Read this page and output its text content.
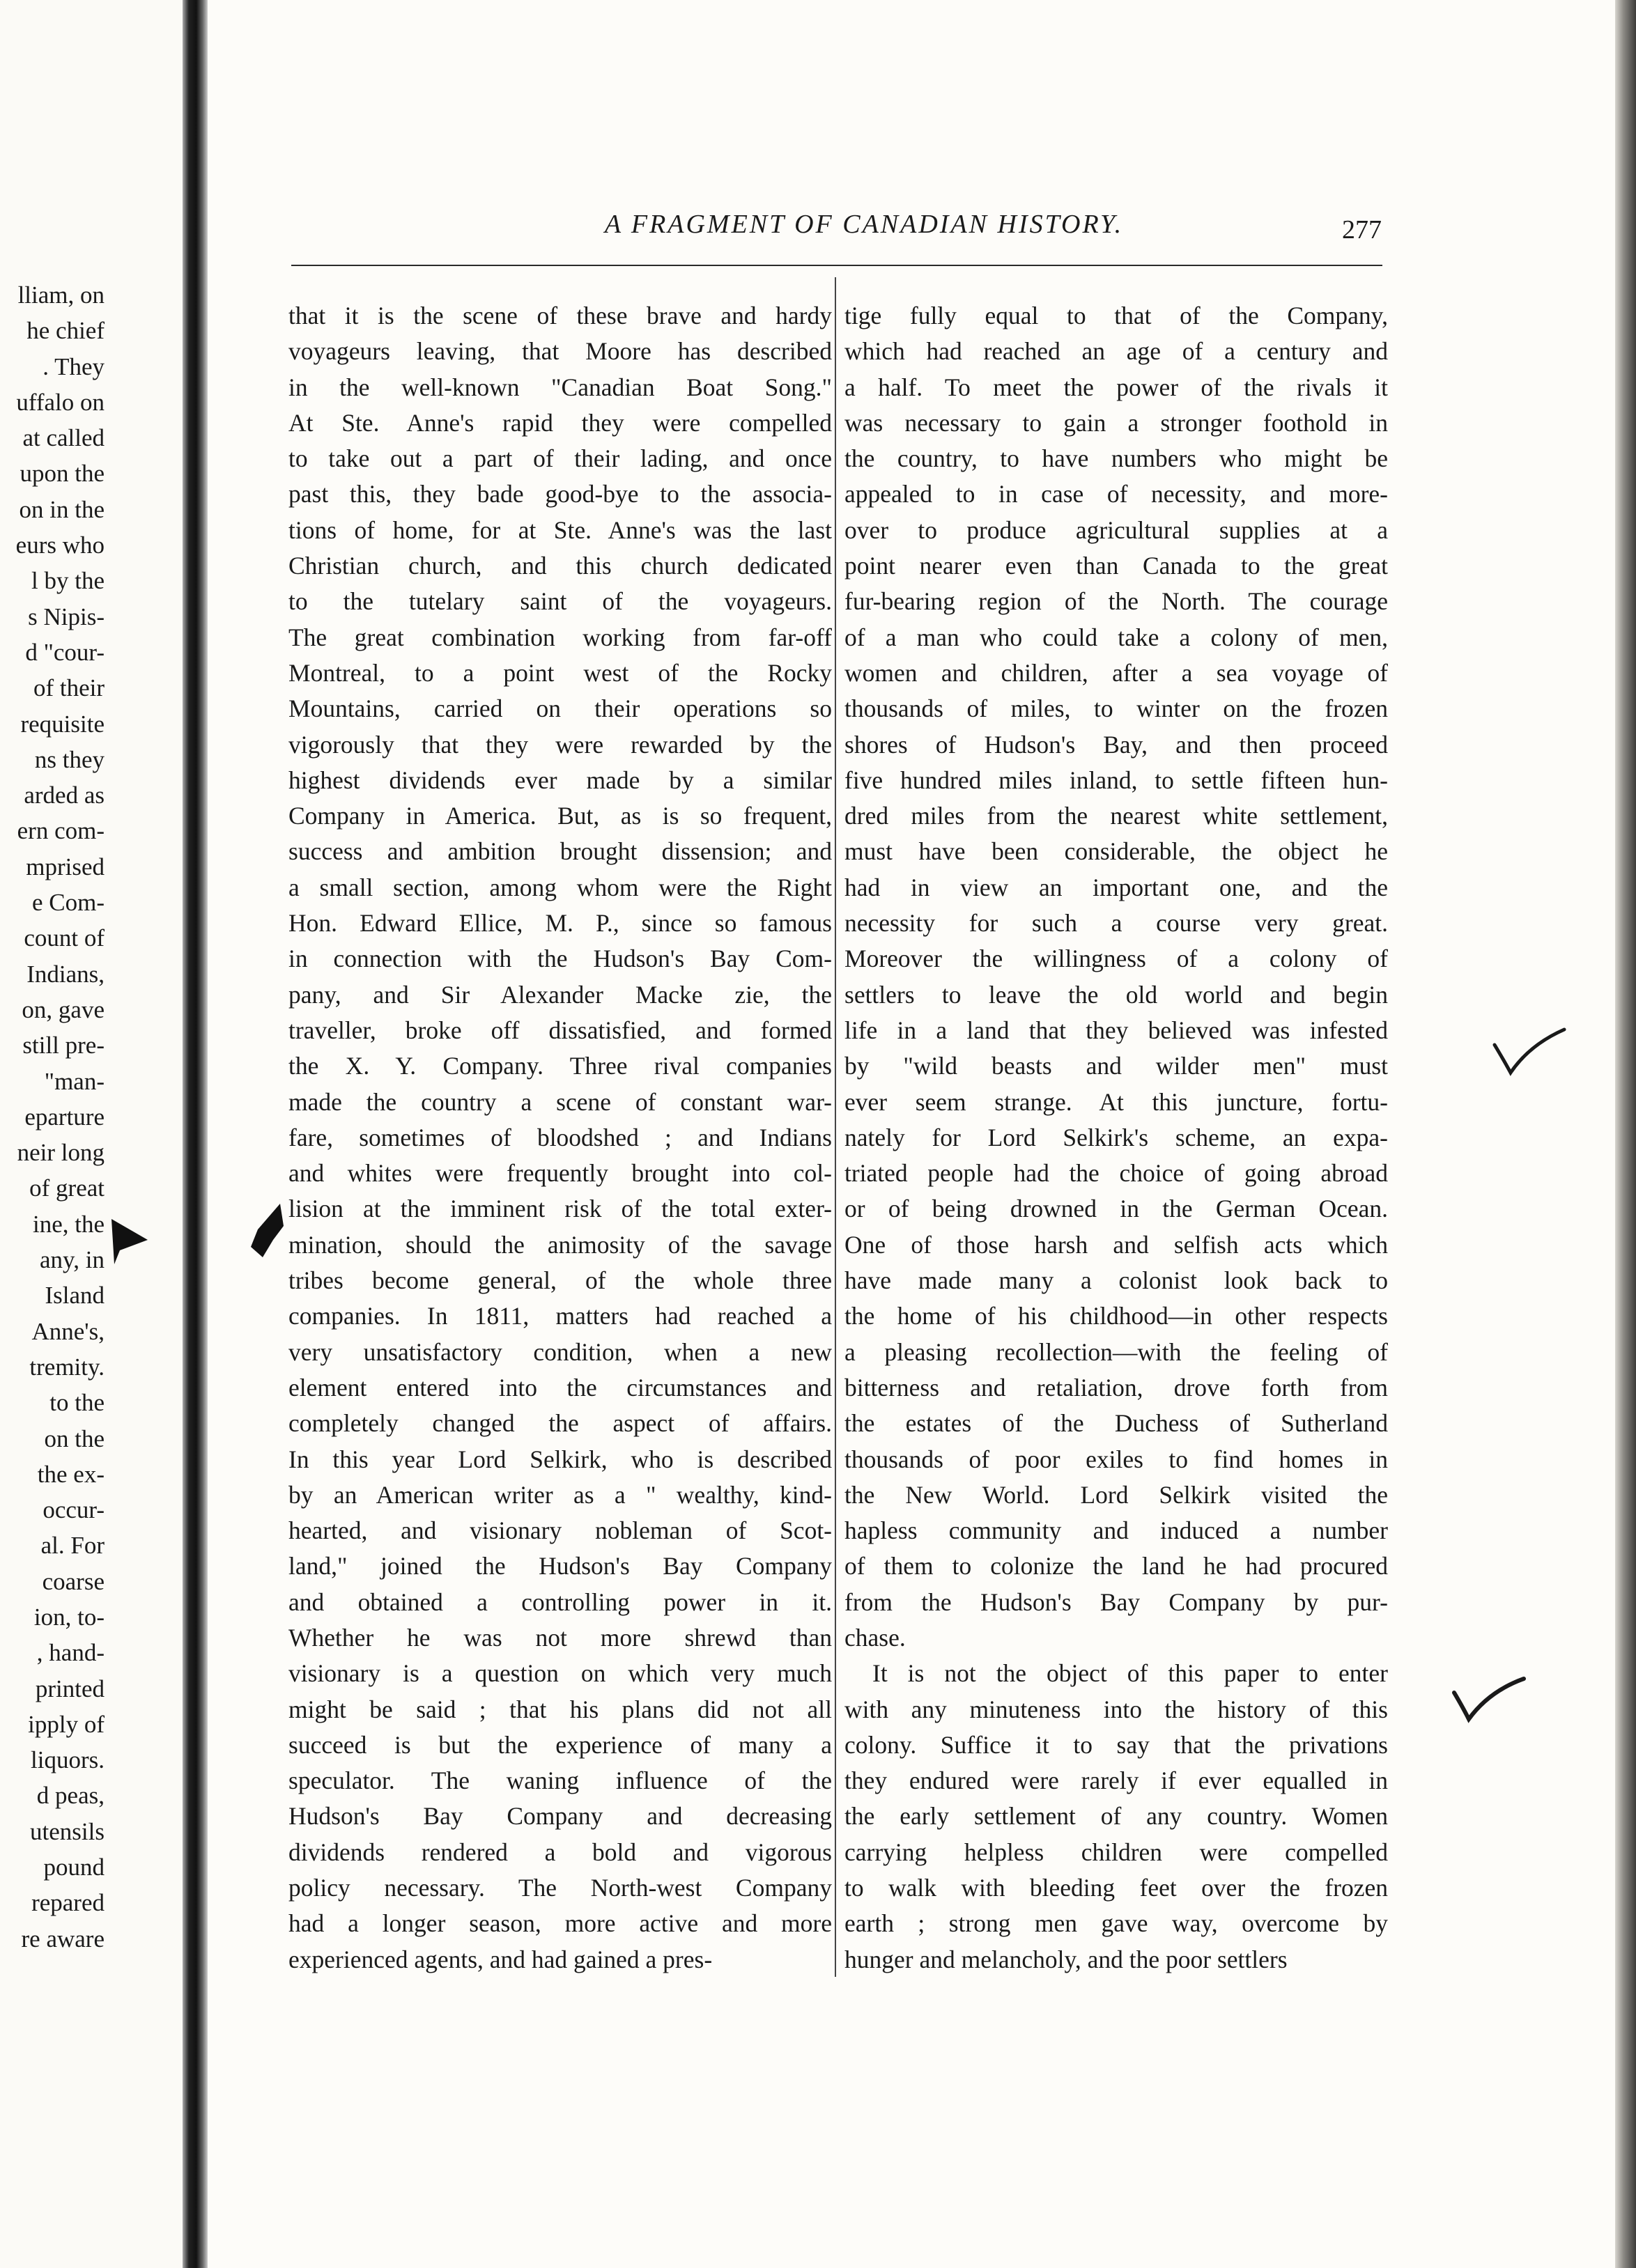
lliam, on
he chief
. They
uffalo on
at called
upon the
on in the
eurs who
l by the
s Nipis-
d "cour-
of their
requisite
ns they
arded as
ern com-
mprised
e Com-
count of
Indians,
on, gave
still pre-
"man-
eparture
neir long
of great
ine, the
any, in
Island
Anne's,
tremity.
to the
on the
the ex-
occur-
al. For
coarse
ion, to-
, hand-
printed
ipply of
liquors.
d peas,
utensils
pound
repared
re aware
A FRAGMENT OF CANADIAN HISTORY.	277
that it is the scene of these brave and hardy
voyageurs leaving, that Moore has described
in the well-known "Canadian Boat Song."
At Ste. Anne's rapid they were compelled
to take out a part of their lading, and once
past this, they bade good-bye to the associa-
tions of home, for at Ste. Anne's was the last
Christian church, and this church dedicated
to the tutelary saint of the voyageurs.
The great combination working from far-off
Montreal, to a point west of the Rocky
Mountains, carried on their operations so
vigorously that they were rewarded by the
highest dividends ever made by a similar
Company in America. But, as is so frequent,
success and ambition brought dissension; and
a small section, among whom were the Right
Hon. Edward Ellice, M. P., since so famous
in connection with the Hudson's Bay Com-
pany, and Sir Alexander Macke zie, the
traveller, broke off dissatisfied, and formed
the X. Y. Company. Three rival companies
made the country a scene of constant war-
fare, sometimes of bloodshed ; and Indians
and whites were frequently brought into col-
lision at the imminent risk of the total exter-
mination, should the animosity of the savage
tribes become general, of the whole three
companies. In 1811, matters had reached a
very unsatisfactory condition, when a new
element entered into the circumstances and
completely changed the aspect of affairs.
In this year Lord Selkirk, who is described
by an American writer as a " wealthy, kind-
hearted, and visionary nobleman of Scot-
land," joined the Hudson's Bay Company
and obtained a controlling power in it.
Whether he was not more shrewd than
visionary is a question on which very much
might be said ; that his plans did not all
succeed is but the experience of many a
speculator. The waning influence of the
Hudson's Bay Company and decreasing
dividends rendered a bold and vigorous
policy necessary. The North-west Company
had a longer season, more active and more
experienced agents, and had gained a pres-
tige fully equal to that of the Company,
which had reached an age of a century and
a half. To meet the power of the rivals it
was necessary to gain a stronger foothold in
the country, to have numbers who might be
appealed to in case of necessity, and more-
over to produce agricultural supplies at a
point nearer even than Canada to the great
fur-bearing region of the North. The courage
of a man who could take a colony of men,
women and children, after a sea voyage of
thousands of miles, to winter on the frozen
shores of Hudson's Bay, and then proceed
five hundred miles inland, to settle fifteen hun-
dred miles from the nearest white settlement,
must have been considerable, the object he
had in view an important one, and the
necessity for such a course very great.
Moreover the willingness of a colony of
settlers to leave the old world and begin
life in a land that they believed was infested
by "wild beasts and wilder men" must
ever seem strange. At this juncture, fortu-
nately for Lord Selkirk's scheme, an expa-
triated people had the choice of going abroad
or of being drowned in the German Ocean.
One of those harsh and selfish acts which
have made many a colonist look back to
the home of his childhood—in other respects
a pleasing recollection—with the feeling of
bitterness and retaliation, drove forth from
the estates of the Duchess of Sutherland
thousands of poor exiles to find homes in
the New World. Lord Selkirk visited the
hapless community and induced a number
of them to colonize the land he had procured
from the Hudson's Bay Company by pur-
chase.
It is not the object of this paper to enter
with any minuteness into the history of this
colony. Suffice it to say that the privations
they endured were rarely if ever equalled in
the early settlement of any country. Women
carrying helpless children were compelled
to walk with bleeding feet over the frozen
earth ; strong men gave way, overcome by
hunger and melancholy, and the poor settlers
